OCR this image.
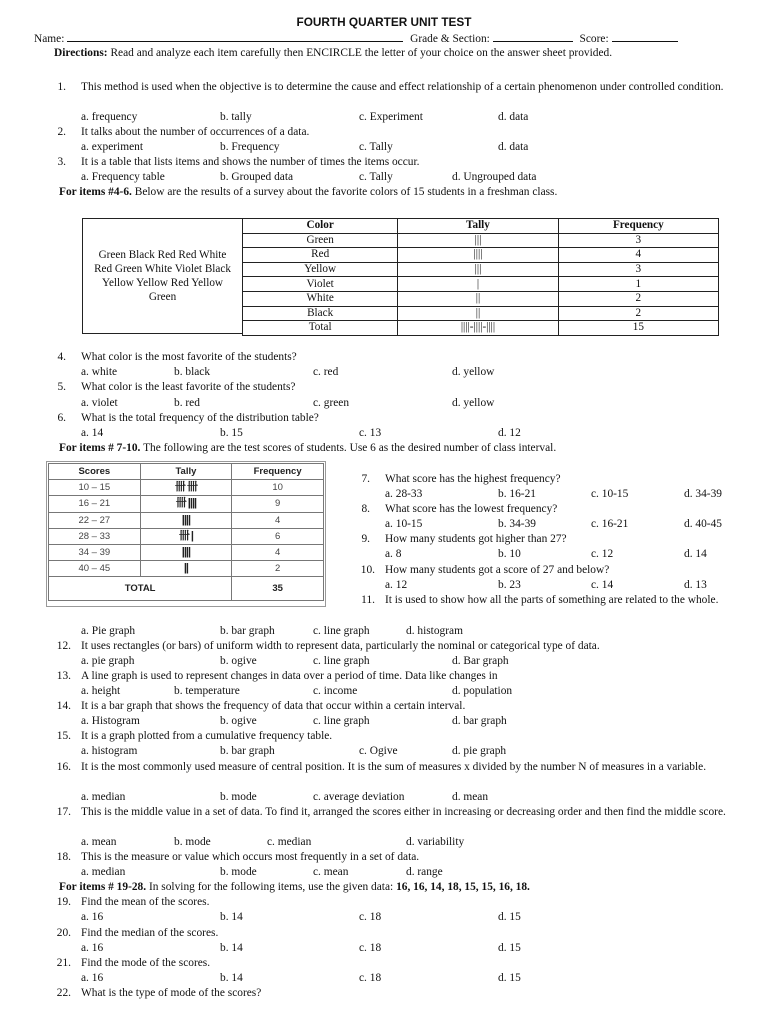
FOURTH QUARTER UNIT TEST
Name:	Grade & Section:	Score:
Directions: Read and analyze each item carefully then ENCIRCLE the letter of your choice on the answer sheet provided.
1. This method is used when the objective is to determine the cause and effect relationship of a certain phenomenon under controlled condition.
a. frequency	b. tally	c. Experiment	d. data
2. It talks about the number of occurrences of a data.
a. experiment	b. Frequency	c. Tally	d. data
3. It is a table that lists items and shows the number of times the items occur.
a. Frequency table	b. Grouped data	c. Tally	d. Ungrouped data
For items #4-6. Below are the results of a survey about the favorite colors of 15 students in a freshman class.
Green Black Red Red White Red Green White Violet Black Yellow Yellow Red Yellow Green
Color	Tally	Frequency
Green	|||	3
Red	||||	4
Yellow	|||	3
Violet	|	1
White	||	2
Black	||	2
Total	||||-||||-||||	15
4. What color is the most favorite of the students?
a. white	b. black	c. red	d. yellow
5. What color is the least favorite of the students?
a. violet	b. red	c. green	d. yellow
6. What is the total frequency of the distribution table?
a. 14	b. 15	c. 13	d. 12
For items # 7-10. The following are the test scores of students. Use 6 as the desired number of class interval.
Scores	Tally	Frequency
10 – 15	卌 卌	10
16 – 21	卌 ||||	9
22 – 27	||||	4
28 – 33	卌 |	6
34 – 39	||||	4
40 – 45	||	2
TOTAL		35
7. What score has the highest frequency?
a. 28-33	b. 16-21	c. 10-15	d. 34-39
8. What score has the lowest frequency?
a. 10-15	b. 34-39	c. 16-21	d. 40-45
9. How many students got higher than 27?
a. 8	b. 10	c. 12	d. 14
10. How many students got a score of 27 and below?
a. 12	b. 23	c. 14	d. 13
11. It is used to show how all the parts of something are related to the whole.
a. Pie graph	b. bar graph	c. line graph	d. histogram
12. It uses rectangles (or bars) of uniform width to represent data, particularly the nominal or categorical type of data.
a. pie graph	b. ogive	c. line graph	d. Bar graph
13. A line graph is used to represent changes in data over a period of time. Data like changes in
a. height	b. temperature	c. income	d. population
14. It is a bar graph that shows the frequency of data that occur within a certain interval.
a. Histogram	b. ogive	c. line graph	d. bar graph
15. It is a graph plotted from a cumulative frequency table.
a. histogram	b. bar graph	c. Ogive	d. pie graph
16. It is the most commonly used measure of central position. It is the sum of measures x divided by the number N of measures in a variable.
a. median	b. mode	c. average deviation	d. mean
17. This is the middle value in a set of data. To find it, arranged the scores either in increasing or decreasing order and then find the middle score.
a. mean	b. mode	c. median	d. variability
18. This is the measure or value which occurs most frequently in a set of data.
a. median	b. mode	c. mean	d. range
For items # 19-28. In solving for the following items, use the given data: 16, 16, 14, 18, 15, 15, 16, 18.
19. Find the mean of the scores.
a. 16	b. 14	c. 18	d. 15
20. Find the median of the scores.
a. 16	b. 14	c. 18	d. 15
21. Find the mode of the scores.
a. 16	b. 14	c. 18	d. 15
22. What is the type of mode of the scores?
